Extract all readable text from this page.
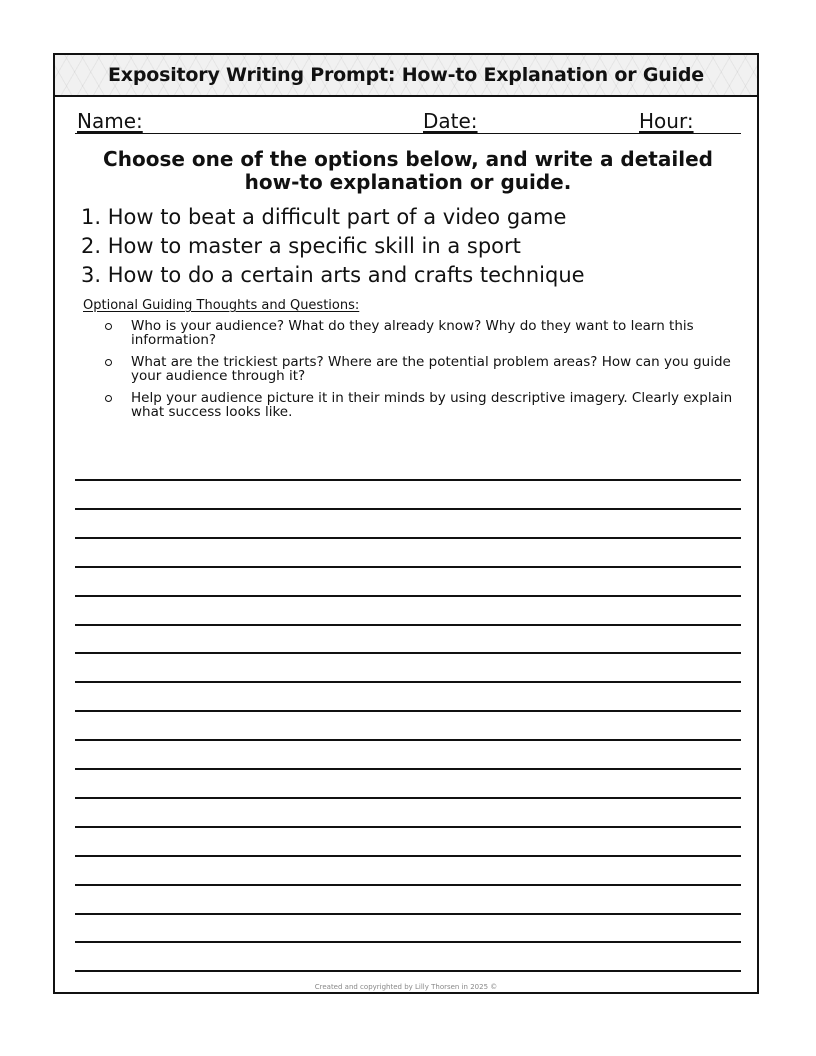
Expository Writing Prompt: How-to Explanation or Guide
Name:	Date:	Hour:
Choose one of the options below, and write a detailed
how-to explanation or guide.
1. How to beat a difficult part of a video game
2. How to master a specific skill in a sport
3. How to do a certain arts and crafts technique
Optional Guiding Thoughts and Questions:
Who is your audience? What do they already know? Why do they want to learn this information?
What are the trickiest parts? Where are the potential problem areas? How can you guide your audience through it?
Help your audience picture it in their minds by using descriptive imagery. Clearly explain what success looks like.
Created and copyrighted by Lilly Thorsen in 2025 ©
